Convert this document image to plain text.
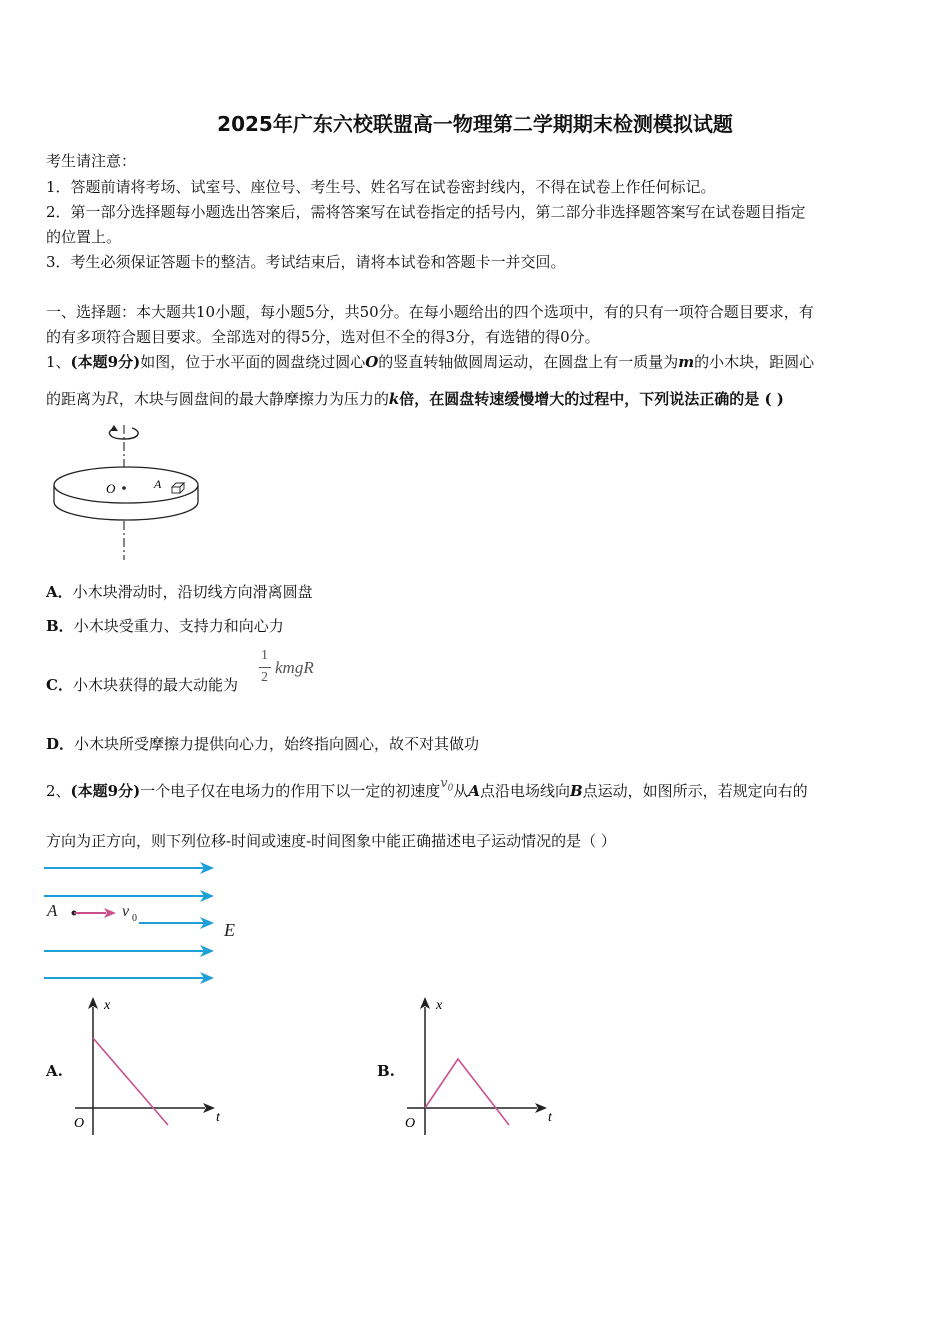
2025年广东六校联盟高一物理第二学期期末检测模拟试题
考生请注意：
1．答题前请将考场、试室号、座位号、考生号、姓名写在试卷密封线内，不得在试卷上作任何标记。
2．第一部分选择题每小题选出答案后，需将答案写在试卷指定的括号内，第二部分非选择题答案写在试卷题目指定
的位置上。
3．考生必须保证答题卡的整洁。考试结束后，请将本试卷和答题卡一并交回。
一、选择题：本大题共10小题，每小题5分，共50分。在每小题给出的四个选项中，有的只有一项符合题目要求，有
的有多项符合题目要求。全部选对的得5分，选对但不全的得3分，有选错的得0分。
1、(本题9分)如图，位于水平面的圆盘绕过圆心O的竖直转轴做圆周运动，在圆盘上有一质量为m的小木块，距圆心
的距离为R，木块与圆盘间的最大静摩擦力为压力的k倍，在圆盘转速缓慢增大的过程中，下列说法正确的是 ( )
O	A
A．小木块滑动时，沿切线方向滑离圆盘
B．小木块受重力、支持力和向心力
C．小木块获得的最大动能为
1
2
kmgR
D．小木块所受摩擦力提供向心力，始终指向圆心，故不对其做功
2、(本题9分)一个电子仅在电场力的作用下以一定的初速度$v_0$从A点沿电场线向B点运动，如图所示，若规定向右的
方向为正方向，则下列位移-时间或速度-时间图象中能正确描述电子运动情况的是（ ）
A	v 0
E
A.
x
t
O
B.
x
t
O
